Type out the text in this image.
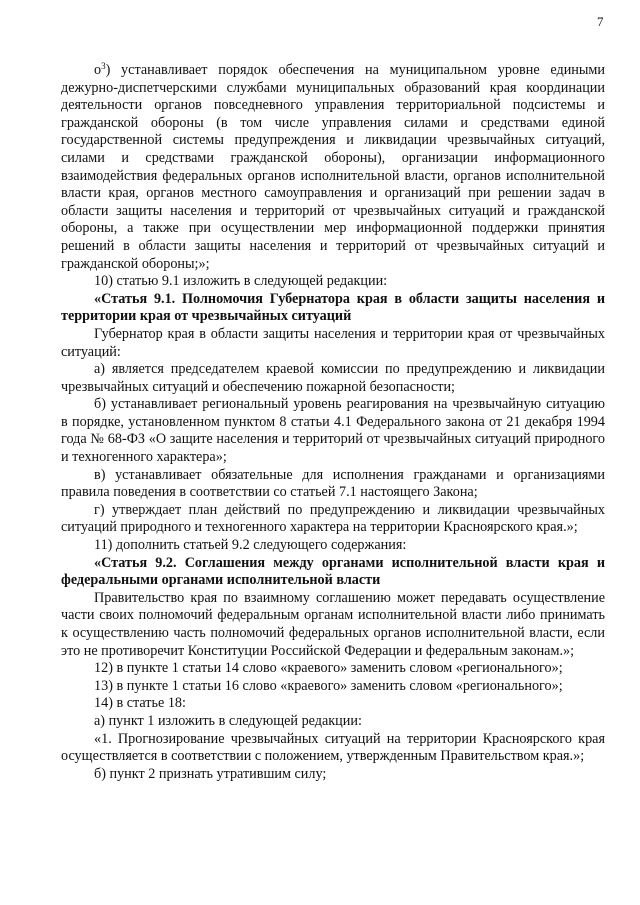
7

$о^3$) устанавливает порядок обеспечения на муниципальном уровне едиными дежурно-диспетчерскими службами муниципальных образований края координации деятельности органов повседневного управления территориальной подсистемы и гражданской обороны (в том числе управления силами и средствами единой государственной системы предупреждения и ликвидации чрезвычайных ситуаций, силами и средствами гражданской обороны), организации информационного взаимодействия федеральных органов исполнительной власти, органов исполнительной власти края, органов местного самоуправления и организаций при решении задач в области защиты населения и территорий от чрезвычайных ситуаций и гражданской обороны, а также при осуществлении мер информационной поддержки принятия решений в области защиты населения и территорий от чрезвычайных ситуаций и гражданской обороны;»;

10) статью 9.1 изложить в следующей редакции:

«Статья 9.1. Полномочия Губернатора края в области защиты населения и территории края от чрезвычайных ситуаций

Губернатор края в области защиты населения и территории края от чрезвычайных ситуаций:

а) является председателем краевой комиссии по предупреждению и ликвидации чрезвычайных ситуаций и обеспечению пожарной безопасности;

б) устанавливает региональный уровень реагирования на чрезвычайную ситуацию в порядке, установленном пунктом 8 статьи 4.1 Федерального закона от 21 декабря 1994 года № 68-ФЗ «О защите населения и территорий от чрезвычайных ситуаций природного и техногенного характера»;

в) устанавливает обязательные для исполнения гражданами и организациями правила поведения в соответствии со статьей 7.1 настоящего Закона;

г) утверждает план действий по предупреждению и ликвидации чрезвычайных ситуаций природного и техногенного характера на территории Красноярского края.»;

11) дополнить статьей 9.2 следующего содержания:

«Статья 9.2. Соглашения между органами исполнительной власти края и федеральными органами исполнительной власти

Правительство края по взаимному соглашению может передавать осуществление части своих полномочий федеральным органам исполнительной власти либо принимать к осуществлению часть полномочий федеральных органов исполнительной власти, если это не противоречит Конституции Российской Федерации и федеральным законам.»;

12) в пункте 1 статьи 14 слово «краевого» заменить словом «регионального»;

13) в пункте 1 статьи 16 слово «краевого» заменить словом «регионального»;

14) в статье 18:

а) пункт 1 изложить в следующей редакции:

«1. Прогнозирование чрезвычайных ситуаций на территории Красноярского края осуществляется в соответствии с положением, утвержденным Правительством края.»;

б) пункт 2 признать утратившим силу;
